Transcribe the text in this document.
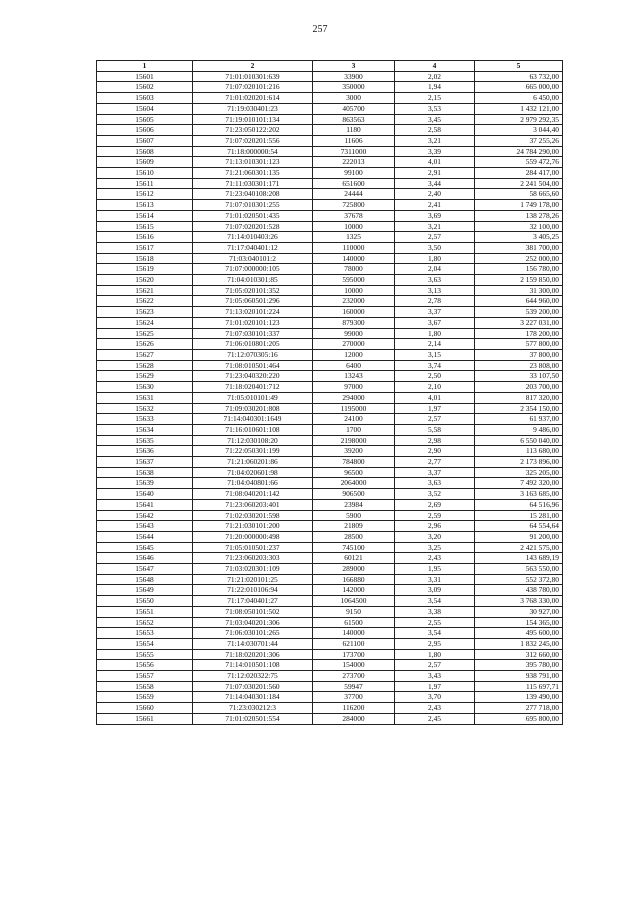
257
1	2	3	4	5
15601	71:01:010301:639	33900	2,02	63 732,00
15602	71:07:020101:216	350000	1,94	665 000,00
15603	71:01:020201:614	3000	2,15	6 450,00
15604	71:19:030401:23	405700	3,53	1 432 121,00
15605	71:19:010101:134	863563	3,45	2 979 292,35
15606	71:23:050122:202	1180	2,58	3 044,40
15607	71:07:020201:556	11606	3,21	37 255,26
15608	71:18:000000:54	7311000	3,39	24 784 290,00
15609	71:13:010301:123	222013	4,01	559 472,76
15610	71:21:060301:135	99100	2,91	284 417,00
15611	71:11:030301:171	651600	3,44	2 241 504,00
15612	71:23:040108:208	24444	2,40	58 665,60
15613	71:07:010301:255	725800	2,41	1 749 178,00
15614	71:01:020501:435	37678	3,69	138 278,26
15615	71:07:020201:528	10000	3,21	32 100,00
15616	71:14:010403:26	1325	2,57	3 405,25
15617	71:17:040401:12	110000	3,50	381 700,00
15618	71:03:040101:2	140000	1,80	252 000,00
15619	71:07:000000:105	78000	2,04	156 780,00
15620	71:04:010301:85	595000	3,63	2 159 850,00
15621	71:05:020101:352	10000	3,13	31 300,00
15622	71:05:060501:296	232000	2,78	644 960,00
15623	71:13:020101:224	160000	3,37	539 200,00
15624	71:01:020101:123	879300	3,67	3 227 031,00
15625	71:07:030101:337	99000	1,80	178 200,00
15626	71:06:010801:205	270000	2,14	577 800,00
15627	71:12:070305:16	12000	3,15	37 800,00
15628	71:08:010501:464	6400	3,74	23 808,00
15629	71:23:040320:220	13243	2,50	33 107,50
15630	71:18:020401:712	97000	2,10	203 700,00
15631	71:05:010101:49	294000	4,01	817 320,00
15632	71:09:030201:808	1195000	1,97	2 354 150,00
15633	71:14:040301:1649	24100	2,57	61 937,00
15634	71:16:010601:108	1700	5,58	9 486,00
15635	71:12:030108:20	2198000	2,98	6 550 040,00
15636	71:22:050301:199	39200	2,90	113 680,00
15637	71:21:060201:86	784800	2,77	2 173 896,00
15638	71:04:020601:98	96500	3,37	325 205,00
15639	71:04:040801:66	2064000	3,63	7 492 320,00
15640	71:08:040201:142	906500	3,52	3 163 685,00
15641	71:23:060203:401	23984	2,69	64 516,96
15642	71:02:030201:598	5900	2,59	15 281,00
15643	71:21:030101:200	21809	2,96	64 554,64
15644	71:20:000000:498	28500	3,20	91 200,00
15645	71:05:010501:237	745100	3,25	2 421 575,00
15646	71:23:060203:303	60121	2,43	143 689,19
15647	71:03:020301:109	289000	1,95	563 550,00
15648	71:21:020101:25	166880	3,31	552 372,80
15649	71:22:010106:94	142000	3,09	438 780,00
15650	71:17:040401:27	1064500	3,54	3 768 330,00
15651	71:08:050101:502	9150	3,38	30 927,00
15652	71:03:040201:306	61500	2,55	154 365,00
15653	71:06:030101:265	140000	3,54	495 600,00
15654	71:14:030701:44	621100	2,95	1 832 245,00
15655	71:18:020201:306	173700	1,80	312 660,00
15656	71:14:010501:108	154000	2,57	395 780,00
15657	71:12:020322:75	273700	3,43	938 791,00
15658	71:07:030201:560	59947	1,97	115 697,71
15659	71:14:040301:184	37700	3,70	139 490,00
15660	71:23:030212:3	116200	2,43	277 718,00
15661	71:01:020501:554	284000	2,45	695 800,00
